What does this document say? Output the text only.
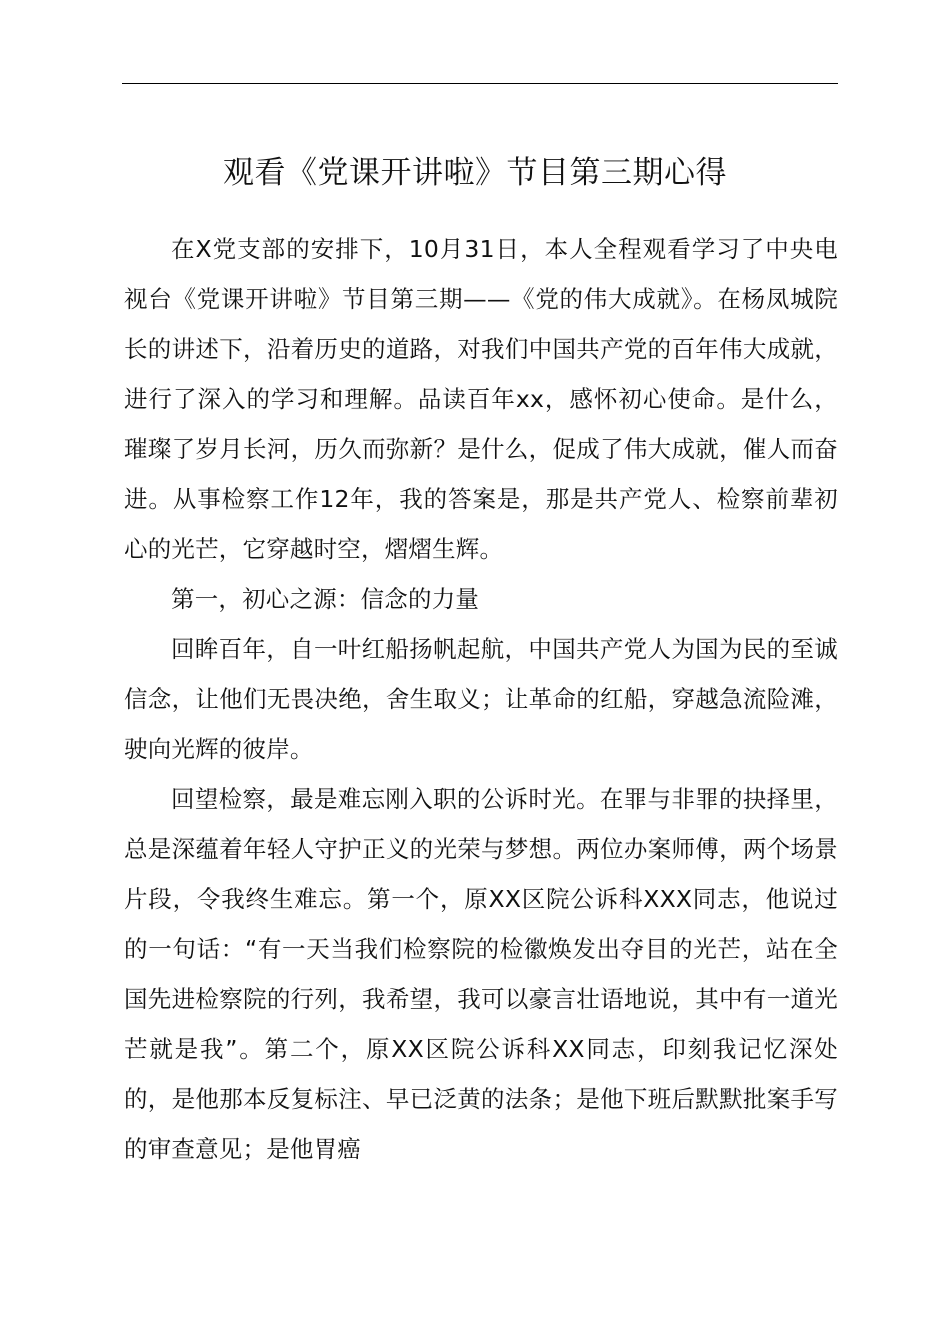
观看《党课开讲啦》节目第三期心得

在X党支部的安排下，10月31日，本人全程观看学习了中央电视台《党课开讲啦》节目第三期——《党的伟大成就》。在杨凤城院长的讲述下，沿着历史的道路，对我们中国共产党的百年伟大成就，进行了深入的学习和理解。品读百年xx，感怀初心使命。是什么，璀璨了岁月长河，历久而弥新？是什么，促成了伟大成就，催人而奋进。从事检察工作12年，我的答案是，那是共产党人、检察前辈初心的光芒，它穿越时空，熠熠生辉。

第一，初心之源：信念的力量

回眸百年，自一叶红船扬帆起航，中国共产党人为国为民的至诚信念，让他们无畏决绝，舍生取义；让革命的红船，穿越急流险滩，驶向光辉的彼岸。

回望检察，最是难忘刚入职的公诉时光。在罪与非罪的抉择里，总是深蕴着年轻人守护正义的光荣与梦想。两位办案师傅，两个场景片段，令我终生难忘。第一个，原XX区院公诉科XXX同志，他说过的一句话：“有一天当我们检察院的检徽焕发出夺目的光芒，站在全国先进检察院的行列，我希望，我可以豪言壮语地说，其中有一道光芒就是我”。第二个，原XX区院公诉科XX同志，印刻我记忆深处的，是他那本反复标注、早已泛黄的法条；是他下班后默默批案手写的审查意见；是他胃癌
